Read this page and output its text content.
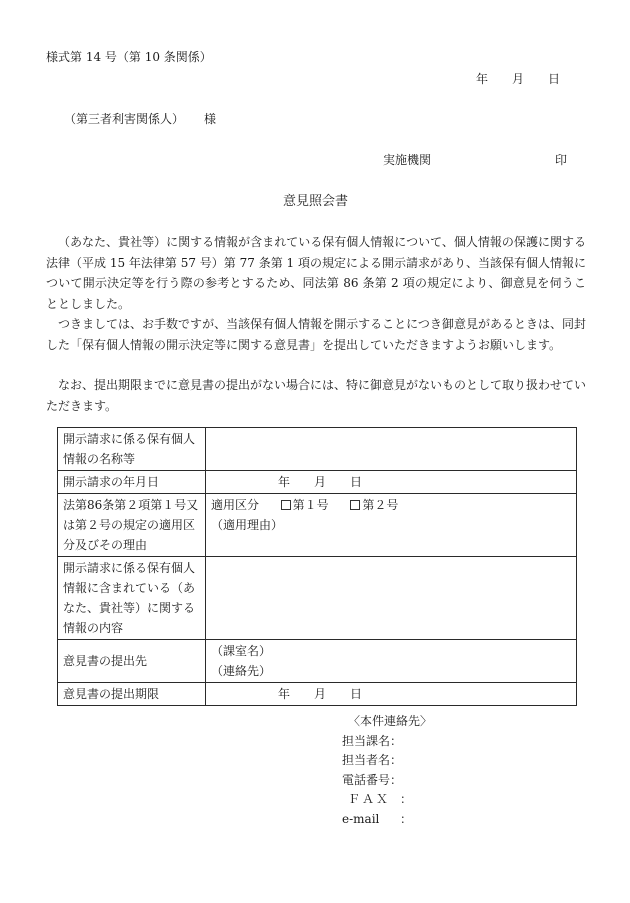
様式第 14 号（第 10 条関係）
年　　月　　日
（第三者利害関係人） 様
実施機関	印
意見照会書
（あなた、貴社等）に関する情報が含まれている保有個人情報について、個人情報の保護に関する法律（平成 15 年法律第 57 号）第 77 条第 1 項の規定による開示請求があり、当該保有個人情報について開示決定等を行う際の参考とするため、同法第 86 条第 2 項の規定により、御意見を伺うこととしました。
つきましては、お手数ですが、当該保有個人情報を開示することにつき御意見があるときは、同封した「保有個人情報の開示決定等に関する意見書」を提出していただきますようお願いします。
なお、提出期限までに意見書の提出がない場合には、特に御意見がないものとして取り扱わせていただきます。
開示請求に係る保有個人情報の名称等	
開示請求の年月日	年　　月　　日
法第86条第２項第１号又は第２号の規定の適用区分及びその理由	適用区分 第１号 第２号
（適用理由）

開示請求に係る保有個人情報に含まれている（あなた、貴社等）に関する情報の内容	
意見書の提出先	（課室名）
（連絡先）

意見書の提出期限	年　　月　　日
〈本件連絡先〉
担当課名：
担当者名：
電話番号：
ＦＡＸ ：
e-mail	：
